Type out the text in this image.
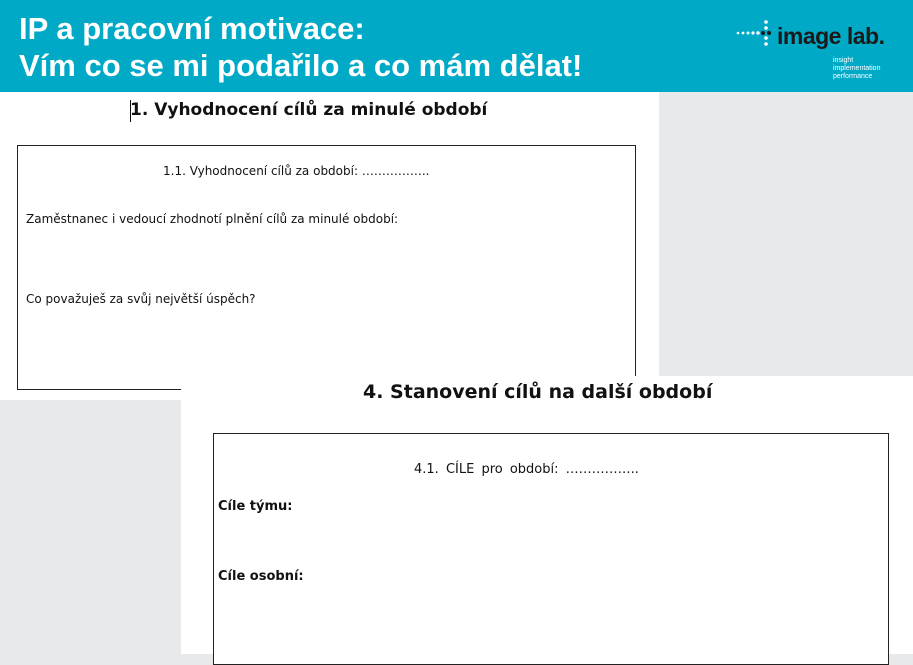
IP a pracovní motivace:
Vím co se mi podařilo a co mám dělat!
image lab.
insight
implementation
performance
1. Vyhodnocení cílů za minulé období
1.1. Vyhodnocení cílů za období: ……………..
Zaměstnanec i vedoucí zhodnotí plnění cílů za minulé období:
Co považuješ za svůj největší úspěch?
4. Stanovení cílů na další období
4.1. CÍLE pro období: ……………..
Cíle týmu:
Cíle osobní:
